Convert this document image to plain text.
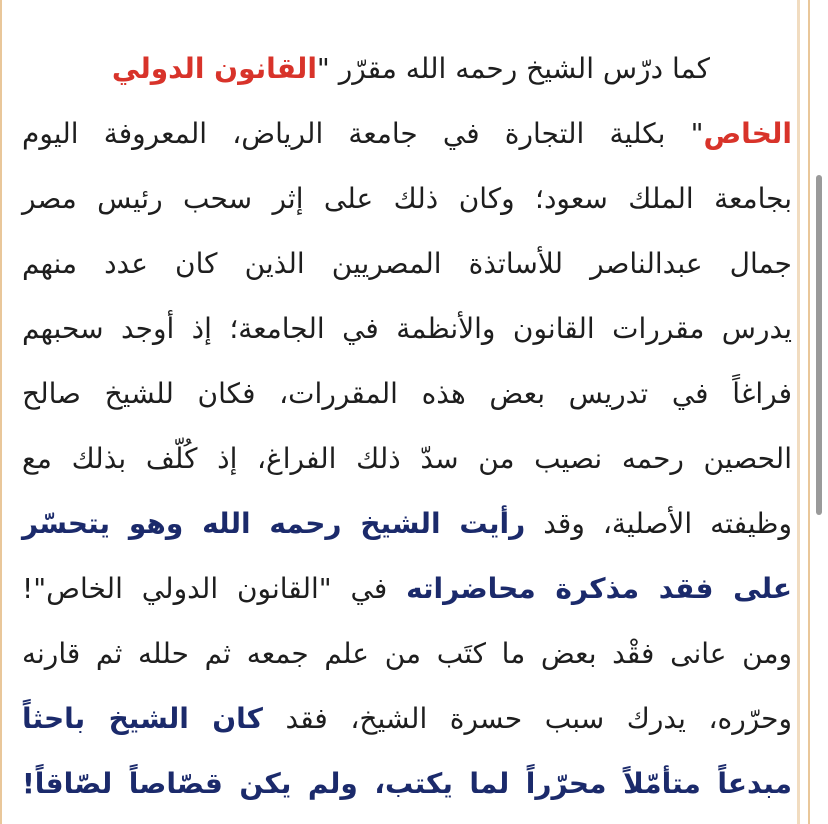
كما درّس الشيخ رحمه الله مقرّر "القانون الدولي
الخاص" بكلية التجارة في جامعة الرياض، المعروفة اليوم
بجامعة الملك سعود؛ وكان ذلك على إثر سحب رئيس مصر
جمال عبدالناصر للأساتذة المصريين الذين كان عدد منهم
يدرس مقررات القانون والأنظمة في الجامعة؛ إذ أوجد سحبهم
فراغاً في تدريس بعض هذه المقررات، فكان للشيخ صالح
الحصين رحمه نصيب من سدّ ذلك الفراغ، إذ كُلّف بذلك مع
وظيفته الأصلية، وقد رأيت الشيخ رحمه الله وهو يتحسّر
على فقد مذكرة محاضراته في "القانون الدولي الخاص"!
ومن عانى فقْد بعض ما كتَب من علم جمعه ثم حلله ثم قارنه
وحرّره، يدرك سبب حسرة الشيخ، فقد كان الشيخ باحثاً
مبدعاً متأمّلاً محرّراً لما يكتب، ولم يكن قصّاصاً لصّاقاً!
